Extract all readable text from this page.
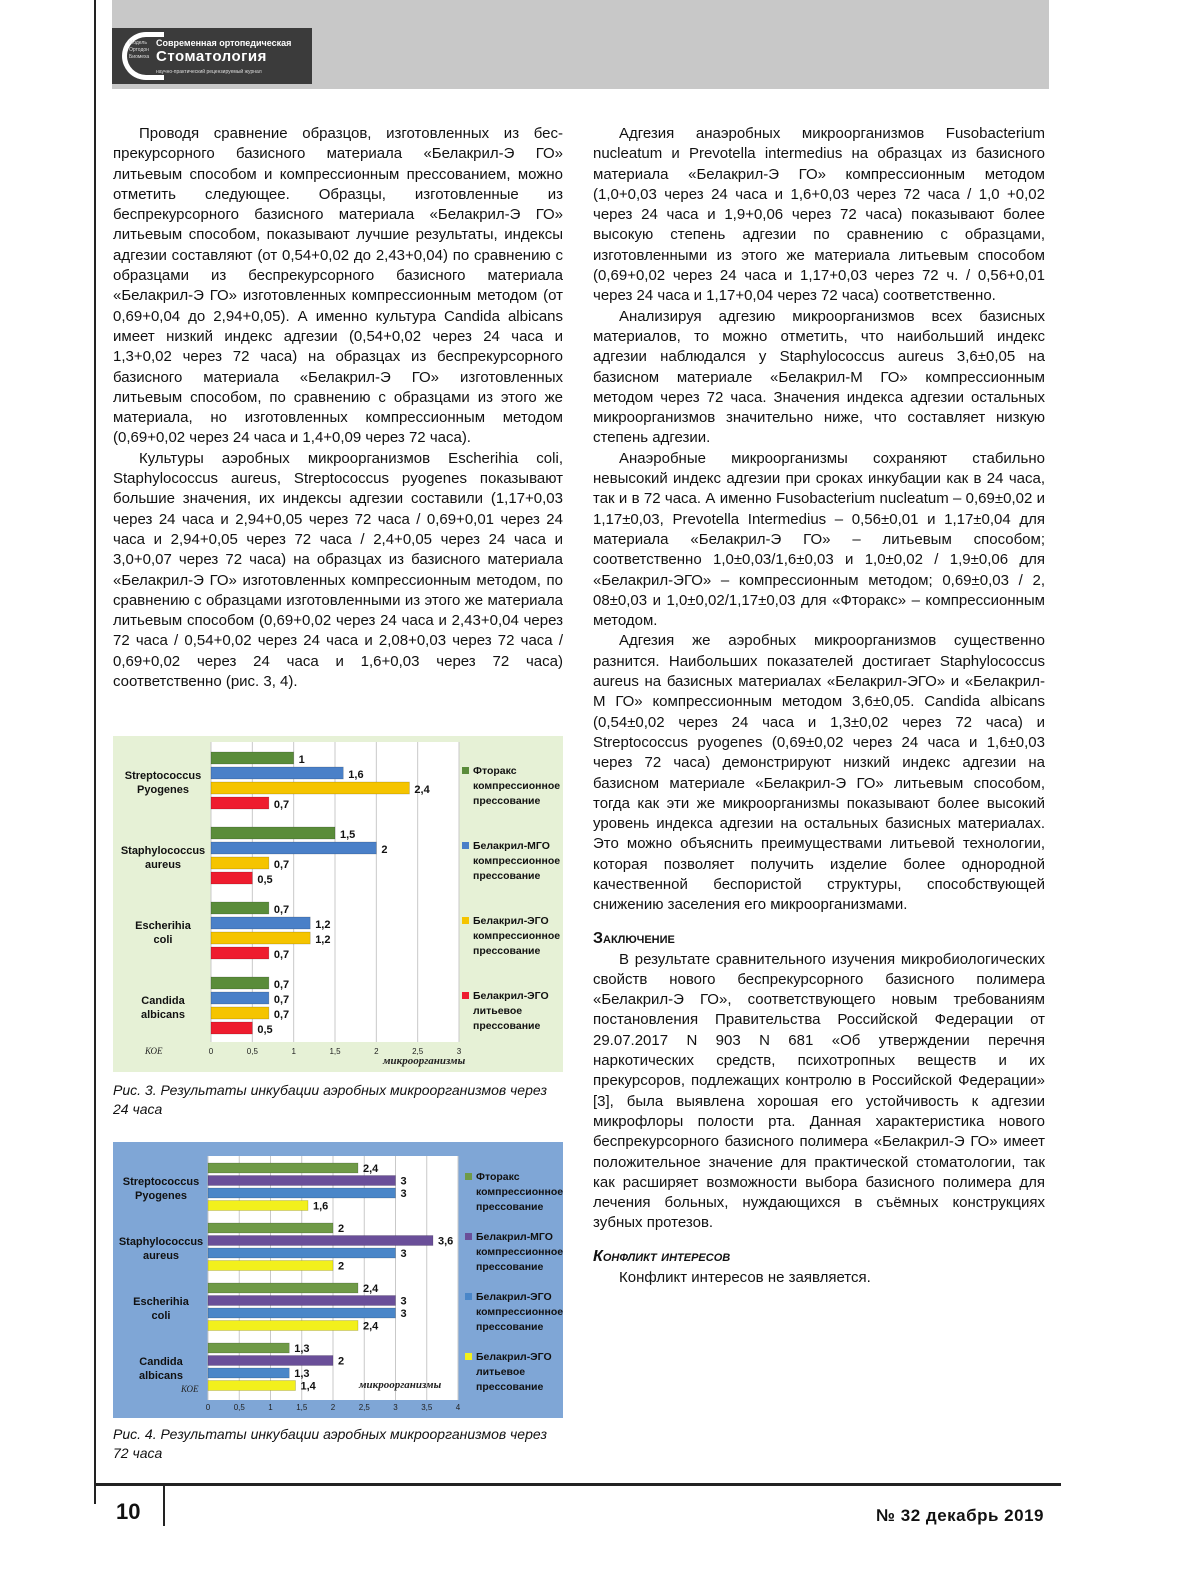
Модель
Ортодон
Биомеха
Современная ортопедическая
Стоматология
научно-практический рецензируемый журнал

Проводя сравнение образцов, изготовленных из беспрекурсорного базисного материала «Белакрил-Э ГО» литьевым способом и компрессионным прессованием, можно отметить следующее. Образцы, изготовленные из беспрекурсорного базисного материала «Белакрил-Э ГО» литьевым способом, показывают лучшие результаты, индексы адгезии составляют (от 0,54+0,02 до 2,43+0,04) по сравнению с образцами из беспрекурсорного базисного материала «Белакрил-Э ГО» изготовленных компрессионным методом (от 0,69+0,04 до 2,94+0,05). А именно культура Candida albicans имеет низкий индекс адгезии (0,54+0,02 через 24 часа и 1,3+0,02 через 72 часа) на образцах из беспрекурсорного базисного материала «Белакрил-Э ГО» изготовленных литьевым способом, по сравнению с образцами из этого же материала, но изготовленных компрессионным методом (0,69+0,02 через 24 часа и 1,4+0,09 через 72 часа).

Культуры аэробных микроорганизмов Escherihia coli, Staphylococcus aureus, Streptococcus pyogenes показывают большие значения, их индексы адгезии составили (1,17+0,03 через 24 часа и 2,94+0,05 через 72 часа / 0,69+0,01 через 24 часа и 2,94+0,05 через 72 часа / 2,4+0,05 через 24 часа и 3,0+0,07 через 72 часа) на образцах из базисного материала «Белакрил-Э ГО» изготовленных компрессионным методом, по сравнению с образцами изготовленными из этого же материала литьевым способом (0,69+0,02 через 24 часа и 2,43+0,04 через 72 часа / 0,54+0,02 через 24 часа и 2,08+0,03 через 72 часа / 0,69+0,02 через 24 часа и 1,6+0,03 через 72 часа) соответственно (рис. 3, 4).

Адгезия анаэробных микроорганизмов Fusobacterium nucleatum и Prevotella intermedius на образцах из базисного материала «Белакрил-Э ГО» компрессионным методом (1,0+0,03 через 24 часа и 1,6+0,03 через 72 часа / 1,0 +0,02 через 24 часа и 1,9+0,06 через 72 часа) показывают более высокую степень адгезии по сравнению с образцами, изготовленными из этого же материала литьевым способом (0,69+0,02 через 24 часа и 1,17+0,03 через 72 ч. / 0,56+0,01 через 24 часа и 1,17+0,04 через 72 часа) соответственно.

Анализируя адгезию микроорганизмов всех базисных материалов, то можно отметить, что наибольший индекс адгезии наблюдался у Staphylococcus aureus 3,6±0,05 на базисном материале «Белакрил-М ГО» компрессионным методом через 72 часа. Значения индекса адгезии остальных микроорганизмов значительно ниже, что составляет низкую степень адгезии.

Анаэробные микроорганизмы сохраняют стабильно невысокий индекс адгезии при сроках инкубации как в 24 часа, так и в 72 часа. А именно Fusobacterium nucleatum – 0,69±0,02 и 1,17±0,03, Prevotella Intermedius – 0,56±0,01 и 1,17±0,04 для материала «Белакрил-Э ГО» – литьевым способом; соответственно 1,0±0,03/1,6±0,03 и 1,0±0,02 / 1,9±0,06 для «Белакрил-ЭГО» – компрессионным методом; 0,69±0,03 / 2, 08±0,03 и 1,0±0,02/1,17±0,03 для «Фторакс» – компрессионным методом.

Адгезия же аэробных микроорганизмов существенно разнится. Наибольших показателей достигает Staphylococcus aureus на базисных материалах «Белакрил-ЭГО» и «Белакрил-М ГО» компрессионным методом 3,6±0,05. Candida albicans (0,54±0,02 через 24 часа и 1,3±0,02 через 72 часа) и Streptococcus pyogenes (0,69±0,02 через 24 часа и 1,6±0,03 через 72 часа) демонстрируют низкий индекс адгезии на базисном материале «Белакрил-Э ГО» литьевым способом, тогда как эти же микроорганизмы показывают более высокий уровень индекса адгезии на остальных базисных материалах. Это можно объяснить преимуществами литьевой технологии, которая позволяет получить изделие более однородной качественной беспористой структуры, способствующей снижению заселения его микроорганизмами.

Заключение

В результате сравнительного изучения микробиологических свойств нового беспрекурсорного базисного полимера «Белакрил-Э ГО», соответствующего новым требованиям постановления Правительства Российской Федерации от 29.07.2017 N 903 N 681 «Об утверждении перечня наркотических средств, психотропных веществ и их прекурсоров, подлежащих контролю в Российской Федерации» [3], была выявлена хорошая его устойчивость к адгезии микрофлоры полости рта. Данная характеристика нового беспрекурсорного базисного полимера «Белакрил-Э ГО» имеет положительное значение для практической стоматологии, так как расширяет возможности выбора базисного полимера для лечения больных, нуждающихся в съёмных конструкциях зубных протезов.

Конфликт интересов

Конфликт интересов не заявляется.

0	0,5	1	1,5	2	2,5	3
КОЕ
микроорганизмы
Streptococcus
Pyogenes
1
1,6
2,4
0,7
Staphylococcus
aureus
1,5
2
0,7
0,5
Escherihia
coli
0,7
1,2
1,2
0,7
Candida
albicans
0,7
0,7
0,7
0,5
Фторакс
компрессионное
прессование
Белакрил-МГО
компрессионное
прессование
Белакрил-ЭГО
компрессионное
прессование
Белакрил-ЭГО
литьевое
прессование
Рис. 3. Результаты инкубации аэробных микроорганизмов через 24 часа
0	0,5	1	1,5	2	2,5	3	3,5	4
КОЕ	микроорганизмы
Streptococcus
Pyogenes
2,4
3
3
1,6
Staphylococcus
aureus
2
3,6
3
2
Escherihia
coli
2,4
3
3
2,4
Candida
albicans
1,3
2
1,3
1,4
Фторакс
компрессионное
прессование
Белакрил-МГО
компрессионное
прессование
Белакрил-ЭГО
компрессионное
прессование
Белакрил-ЭГО
литьевое
прессование
Рис. 4. Результаты инкубации аэробных микроорганизмов через 72 часа
10	№ 32 декабрь 2019
